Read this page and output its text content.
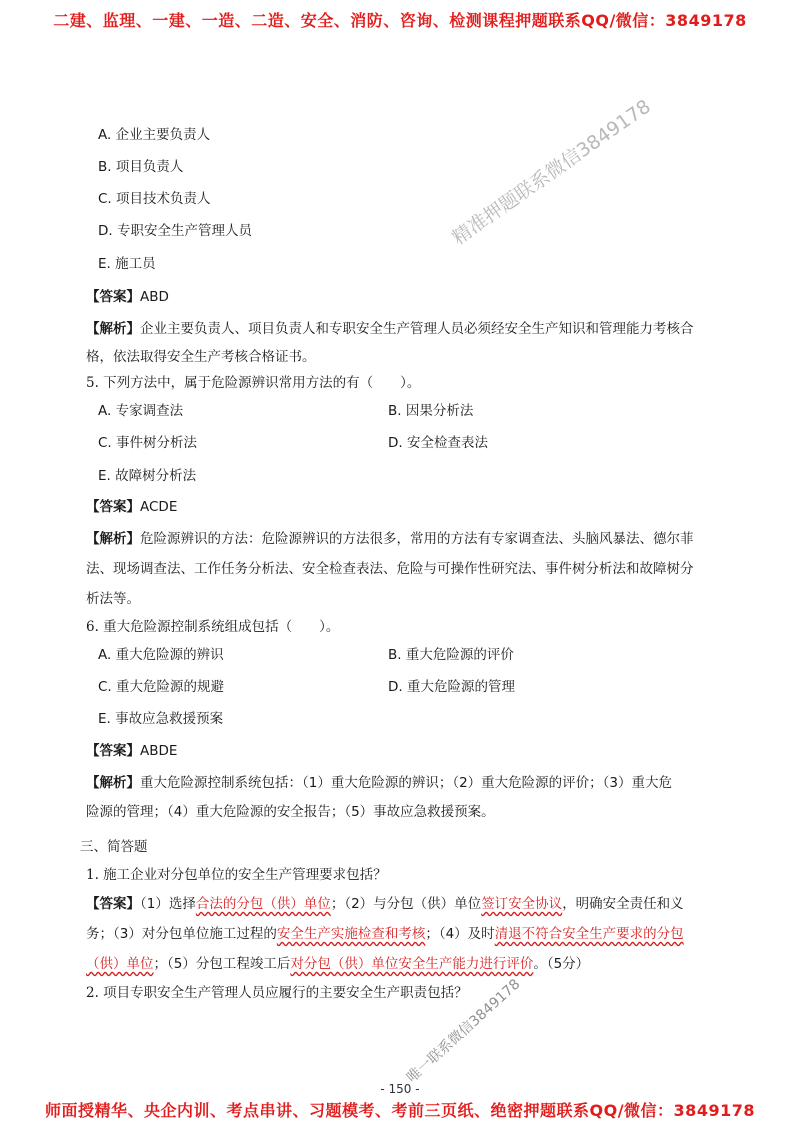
二建、监理、一建、一造、二造、安全、消防、咨询、检测课程押题联系QQ/微信：3849178
精准押题联系微信3849178
A. 企业主要负责人
B. 项目负责人
C. 项目技术负责人
D. 专职安全生产管理人员
E. 施工员
【答案】ABD
【解析】企业主要负责人、项目负责人和专职安全生产管理人员必须经安全生产知识和管理能力考核合
格，依法取得安全生产考核合格证书。
5. 下列方法中，属于危险源辨识常用方法的有（　　）。
A. 专家调查法	B. 因果分析法
C. 事件树分析法	D. 安全检查表法
E. 故障树分析法
【答案】ACDE
【解析】危险源辨识的方法：危险源辨识的方法很多，常用的方法有专家调查法、头脑风暴法、德尔菲
法、现场调查法、工作任务分析法、安全检查表法、危险与可操作性研究法、事件树分析法和故障树分
析法等。
6. 重大危险源控制系统组成包括（　　）。
A. 重大危险源的辨识	B. 重大危险源的评价
C. 重大危险源的规避	D. 重大危险源的管理
E. 事故应急救援预案
【答案】ABDE
【解析】重大危险源控制系统包括：（1）重大危险源的辨识；（2）重大危险源的评价；（3）重大危
险源的管理；（4）重大危险源的安全报告；（5）事故应急救援预案。
三、简答题
1. 施工企业对分包单位的安全生产管理要求包括？
【答案】（1）选择合法的分包（供）单位；（2）与分包（供）单位签订安全协议，明确安全责任和义
务；（3）对分包单位施工过程的安全生产实施检查和考核；（4）及时清退不符合安全生产要求的分包
（供）单位；（5）分包工程竣工后对分包（供）单位安全生产能力进行评价。（5分）
2. 项目专职安全生产管理人员应履行的主要安全生产职责包括？
唯一联系微信3849178
- 150 -
师面授精华、央企内训、考点串讲、习题模考、考前三页纸、绝密押题联系QQ/微信：3849178
